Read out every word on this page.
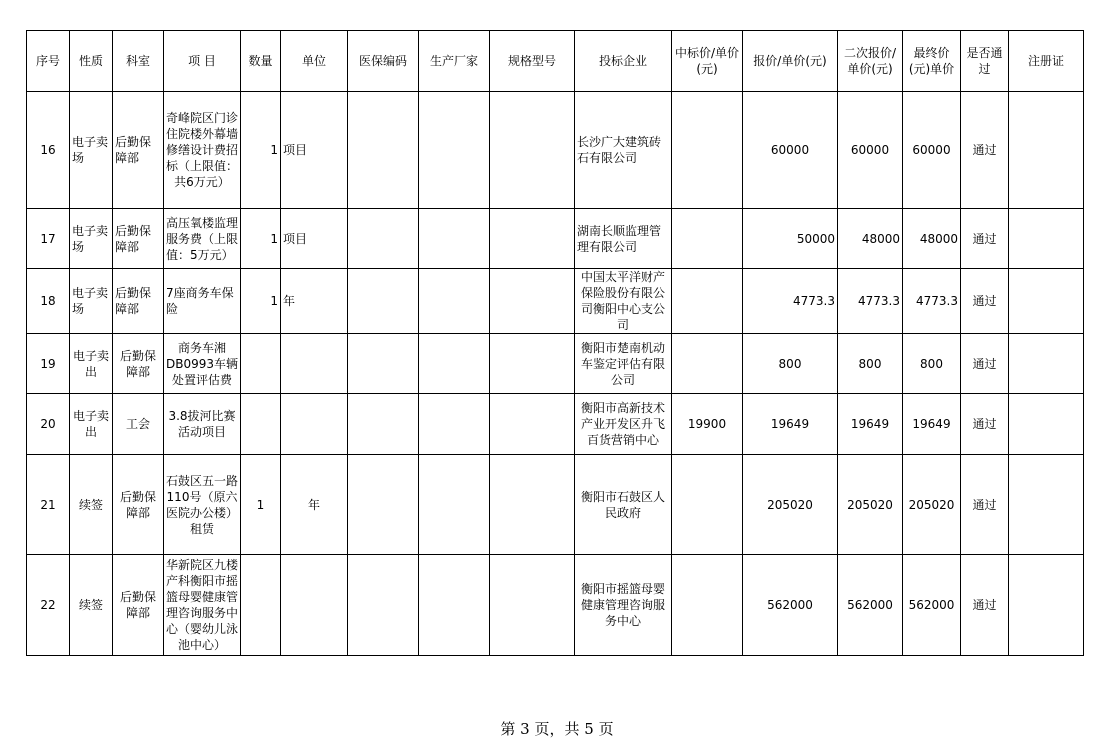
序号	性质	科室	项 目	数量	单位	医保编码	生产厂家	规格型号	投标企业	中标价/单价(元)	报价/单价(元)	二次报价/单价(元)	最终价(元)单价	是否通过	注册证
16	电子卖场	后勤保障部	奇峰院区门诊住院楼外幕墙修缮设计费招标（上限值：共6万元）	1	项目				长沙广大建筑砖石有限公司		60000	60000	60000	通过	
17	电子卖场	后勤保障部	高压氧楼监理服务费（上限值：5万元）	1	项目				湖南长顺监理管理有限公司		50000	48000	48000	通过	
18	电子卖场	后勤保障部	7座商务车保险	1	年				中国太平洋财产保险股份有限公司衡阳中心支公司		4773.3	4773.3	4773.3	通过	
19	电子卖出	后勤保障部	商务车湘DB0993车辆处置评估费						衡阳市楚南机动车鉴定评估有限公司		800	800	800	通过	
20	电子卖出	工会	3.8拔河比赛活动项目						衡阳市高新技术产业开发区升飞百货营销中心	19900	19649	19649	19649	通过	
21	续签	后勤保障部	石鼓区五一路110号（原六医院办公楼）租赁	1	年				衡阳市石鼓区人民政府		205020	205020	205020	通过	
22	续签	后勤保障部	华新院区九楼产科衡阳市摇篮母婴健康管理咨询服务中心（婴幼儿泳池中心）						衡阳市摇篮母婴健康管理咨询服务中心		562000	562000	562000	通过	
第 3 页，共 5 页
